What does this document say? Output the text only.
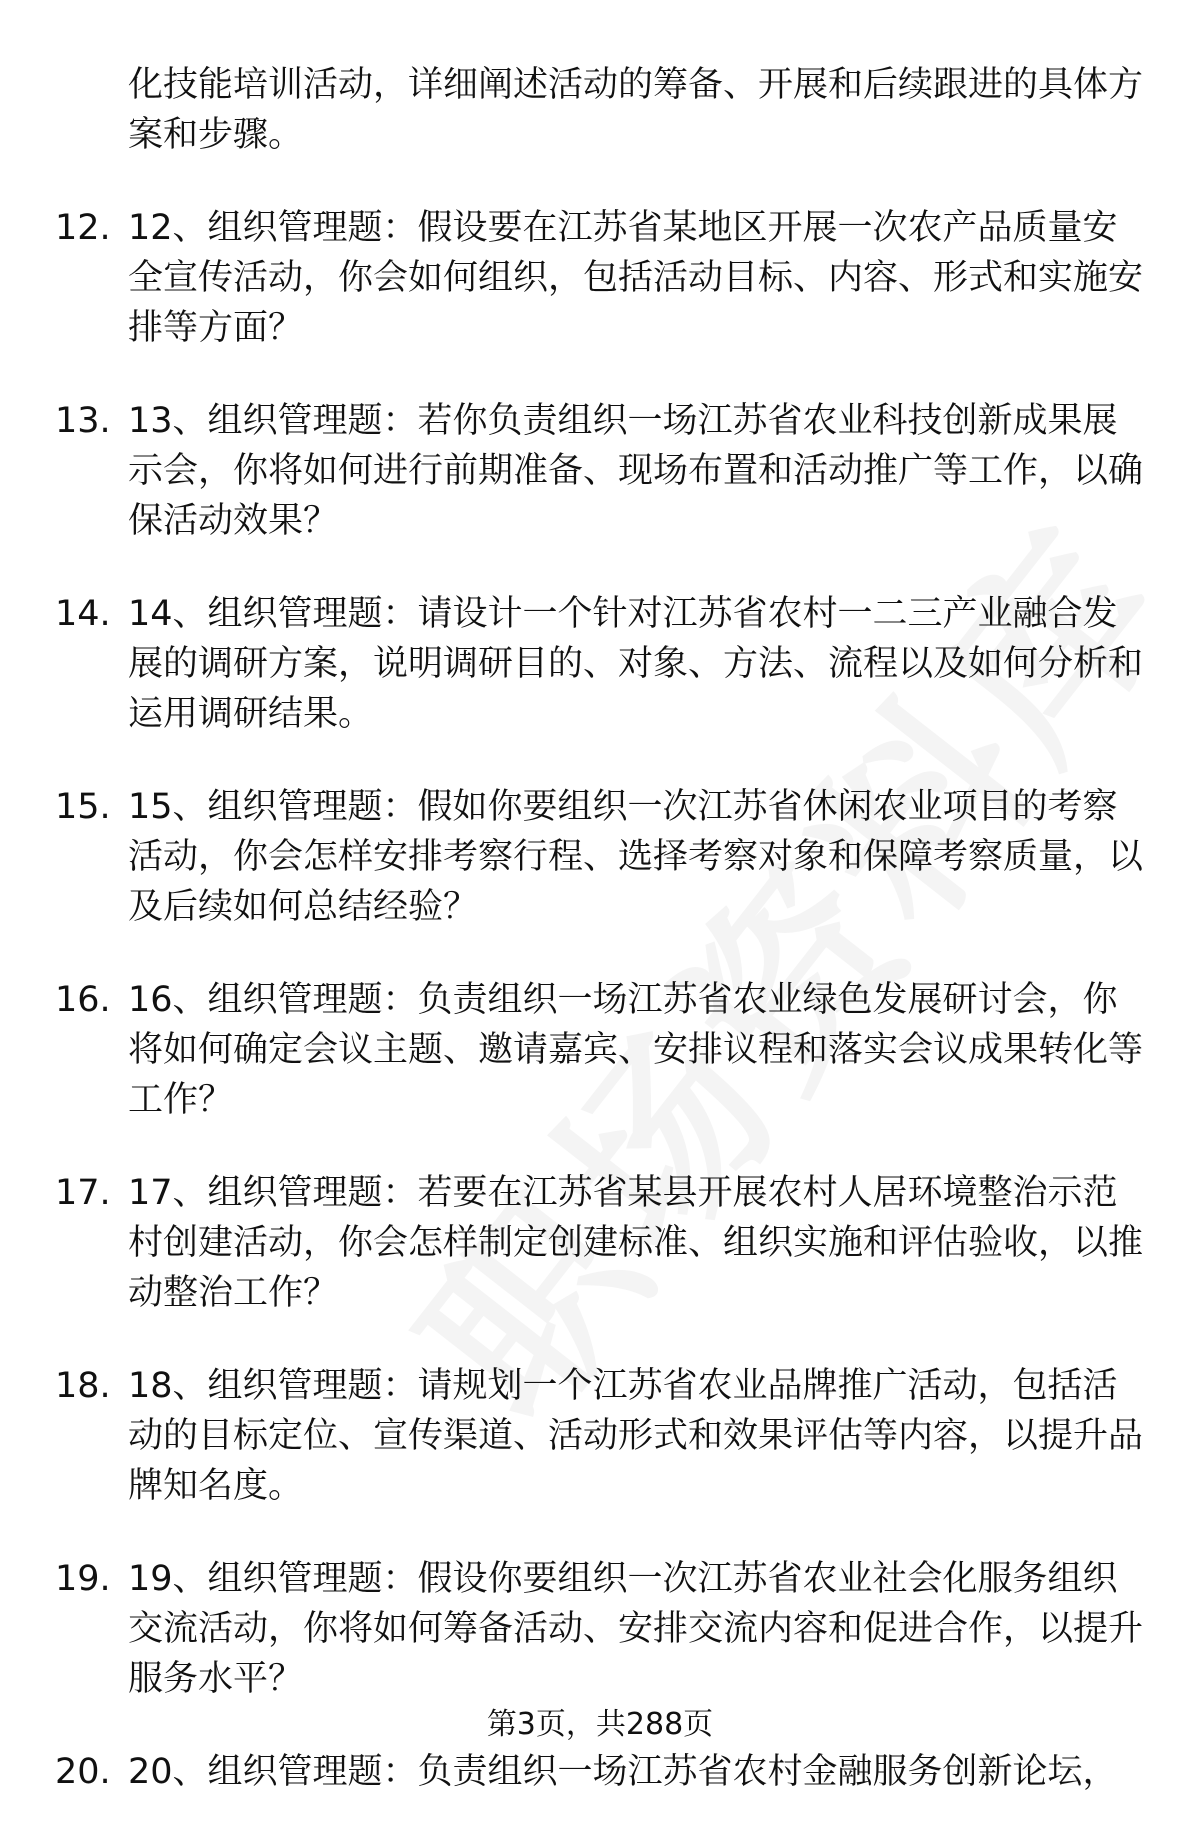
化技能培训活动，详细阐述活动的筹备、开展和后续跟进的具体方案和步骤。
12. 12、组织管理题：假设要在江苏省某地区开展一次农产品质量安全宣传活动，你会如何组织，包括活动目标、内容、形式和实施安排等方面？
13. 13、组织管理题：若你负责组织一场江苏省农业科技创新成果展示会，你将如何进行前期准备、现场布置和活动推广等工作，以确保活动效果？
14. 14、组织管理题：请设计一个针对江苏省农村一二三产业融合发展的调研方案，说明调研目的、对象、方法、流程以及如何分析和运用调研结果。
15. 15、组织管理题：假如你要组织一次江苏省休闲农业项目的考察活动，你会怎样安排考察行程、选择考察对象和保障考察质量，以及后续如何总结经验？
16. 16、组织管理题：负责组织一场江苏省农业绿色发展研讨会，你将如何确定会议主题、邀请嘉宾、安排议程和落实会议成果转化等工作？
17. 17、组织管理题：若要在江苏省某县开展农村人居环境整治示范村创建活动，你会怎样制定创建标准、组织实施和评估验收，以推动整治工作？
18. 18、组织管理题：请规划一个江苏省农业品牌推广活动，包括活动的目标定位、宣传渠道、活动形式和效果评估等内容，以提升品牌知名度。
19. 19、组织管理题：假设你要组织一次江苏省农业社会化服务组织交流活动，你将如何筹备活动、安排交流内容和促进合作，以提升服务水平？
20. 20、组织管理题：负责组织一场江苏省农村金融服务创新论坛，
第3页，共288页
